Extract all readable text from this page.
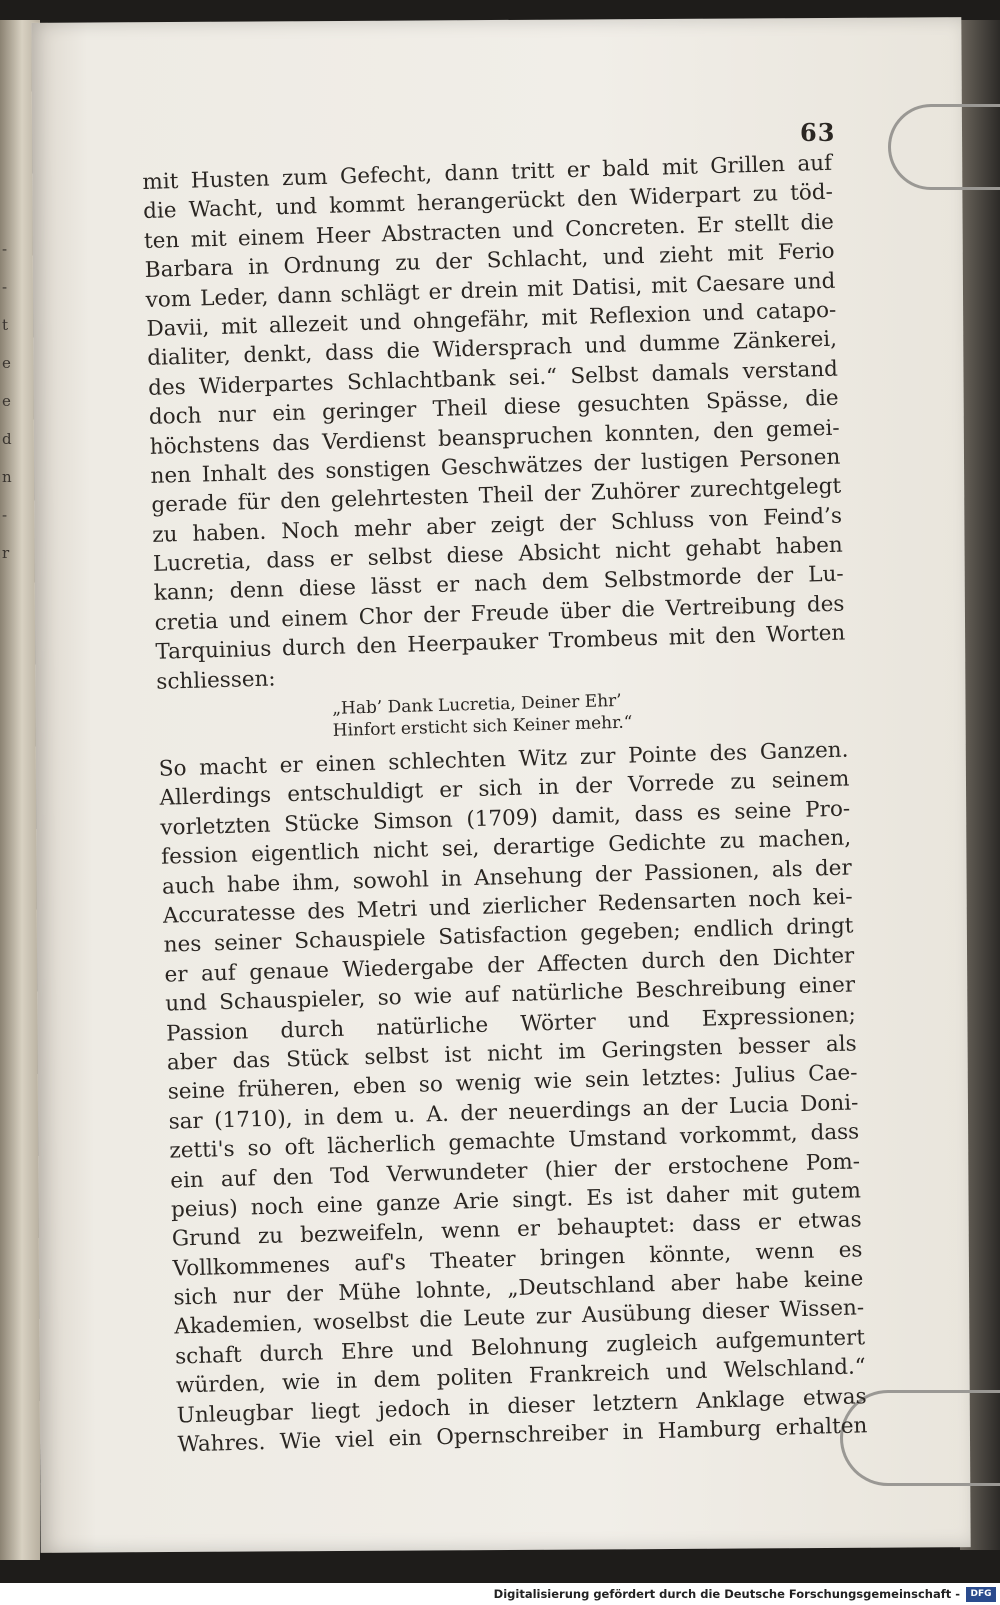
-
-
t
e
e
d
n
-
r
63
mit Husten zum Gefecht, dann tritt er bald mit Grillen auf
die Wacht, und kommt herangerückt den Widerpart zu töd-
ten mit einem Heer Abstracten und Concreten. Er stellt die
Barbara in Ordnung zu der Schlacht, und zieht mit Ferio
vom Leder, dann schlägt er drein mit Datisi, mit Caesare und
Davii, mit allezeit und ohngefähr, mit Reflexion und catapo-
dialiter, denkt, dass die Widersprach und dumme Zänkerei,
des Widerpartes Schlachtbank sei.“ Selbst damals verstand
doch nur ein geringer Theil diese gesuchten Spässe, die
höchstens das Verdienst beanspruchen konnten, den gemei-
nen Inhalt des sonstigen Geschwätzes der lustigen Personen
gerade für den gelehrtesten Theil der Zuhörer zurechtgelegt
zu haben. Noch mehr aber zeigt der Schluss von Feind’s
Lucretia, dass er selbst diese Absicht nicht gehabt haben
kann; denn diese lässt er nach dem Selbstmorde der Lu-
cretia und einem Chor der Freude über die Vertreibung des
Tarquinius durch den Heerpauker Trombeus mit den Worten
schliessen:
„Hab’ Dank Lucretia, Deiner Ehr’
Hinfort ersticht sich Keiner mehr.“
So macht er einen schlechten Witz zur Pointe des Ganzen.
Allerdings entschuldigt er sich in der Vorrede zu seinem
vorletzten Stücke Simson (1709) damit, dass es seine Pro-
fession eigentlich nicht sei, derartige Gedichte zu machen,
auch habe ihm, sowohl in Ansehung der Passionen, als der
Accuratesse des Metri und zierlicher Redensarten noch kei-
nes seiner Schauspiele Satisfaction gegeben; endlich dringt
er auf genaue Wiedergabe der Affecten durch den Dichter
und Schauspieler, so wie auf natürliche Beschreibung einer
Passion durch natürliche Wörter und Expressionen;
aber das Stück selbst ist nicht im Geringsten besser als
seine früheren, eben so wenig wie sein letztes: Julius Cae-
sar (1710), in dem u. A. der neuerdings an der Lucia Doni-
zetti's so oft lächerlich gemachte Umstand vorkommt, dass
ein auf den Tod Verwundeter (hier der erstochene Pom-
peius) noch eine ganze Arie singt. Es ist daher mit gutem
Grund zu bezweifeln, wenn er behauptet: dass er etwas
Vollkommenes auf's Theater bringen könnte, wenn es
sich nur der Mühe lohnte, „Deutschland aber habe keine
Akademien, woselbst die Leute zur Ausübung dieser Wissen-
schaft durch Ehre und Belohnung zugleich aufgemuntert
würden, wie in dem politen Frankreich und Welschland.“
Unleugbar liegt jedoch in dieser letztern Anklage etwas
Wahres. Wie viel ein Opernschreiber in Hamburg erhalten
Digitalisierung gefördert durch die Deutsche Forschungsgemeinschaft -	DFG
